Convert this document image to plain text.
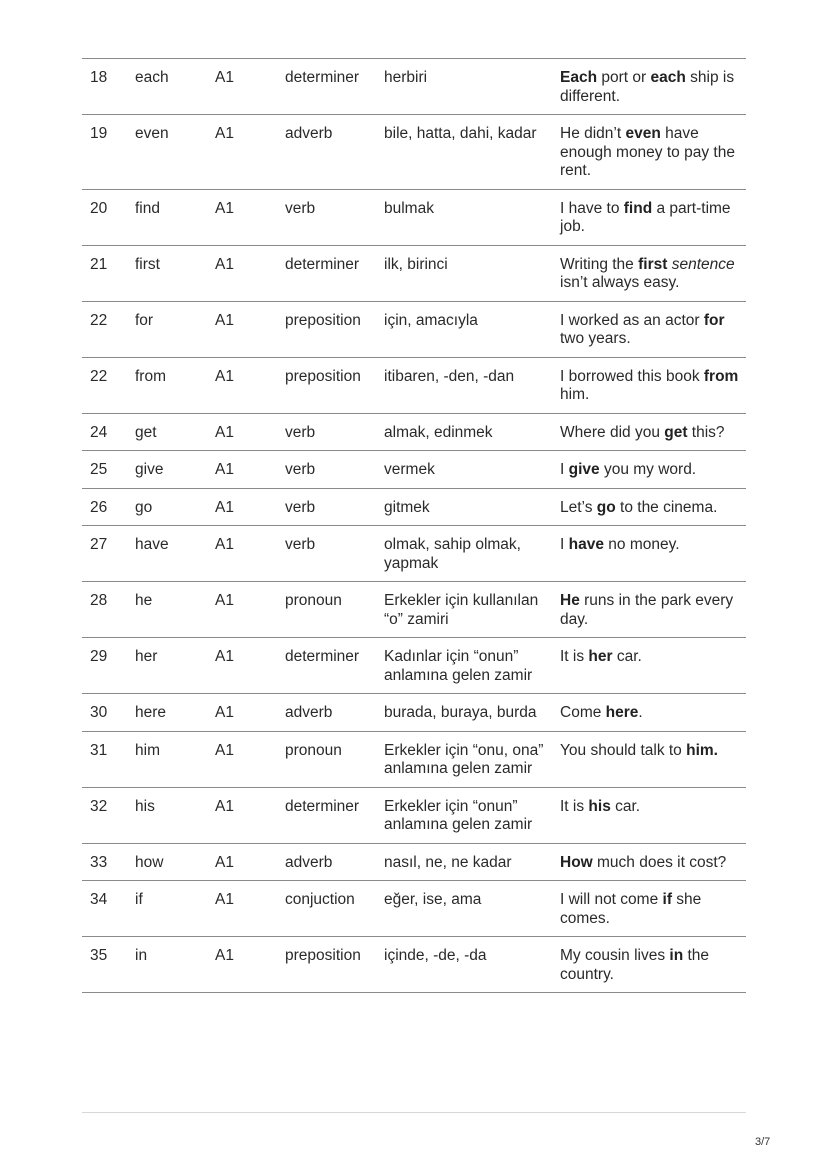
18	each	A1	determiner	herbiri	Each port or each ship is different.
19	even	A1	adverb	bile, hatta, dahi, kadar	He didn’t even have enough money to pay the rent.
20	find	A1	verb	bulmak	I have to find a part-time job.
21	first	A1	determiner	ilk, birinci	Writing the first sentence isn’t always easy.
22	for	A1	preposition	için, amacıyla	I worked as an actor for two years.
22	from	A1	preposition	itibaren, -den, -dan	I borrowed this book from him.
24	get	A1	verb	almak, edinmek	Where did you get this?
25	give	A1	verb	vermek	I give you my word.
26	go	A1	verb	gitmek	Let’s go to the cinema.
27	have	A1	verb	olmak, sahip olmak, yapmak	I have no money.
28	he	A1	pronoun	Erkekler için kullanılan “o” zamiri	He runs in the park every day.
29	her	A1	determiner	Kadınlar için “onun” anlamına gelen zamir	It is her car.
30	here	A1	adverb	burada, buraya, burda	Come here.
31	him	A1	pronoun	Erkekler için “onu, ona” anlamına gelen zamir	You should talk to him.
32	his	A1	determiner	Erkekler için “onun” anlamına gelen zamir	It is his car.
33	how	A1	adverb	nasıl, ne, ne kadar	How much does it cost?
34	if	A1	conjuction	eğer, ise, ama	I will not come if she comes.
35	in	A1	preposition	içinde, -de, -da	My cousin lives in the country.
3/7
